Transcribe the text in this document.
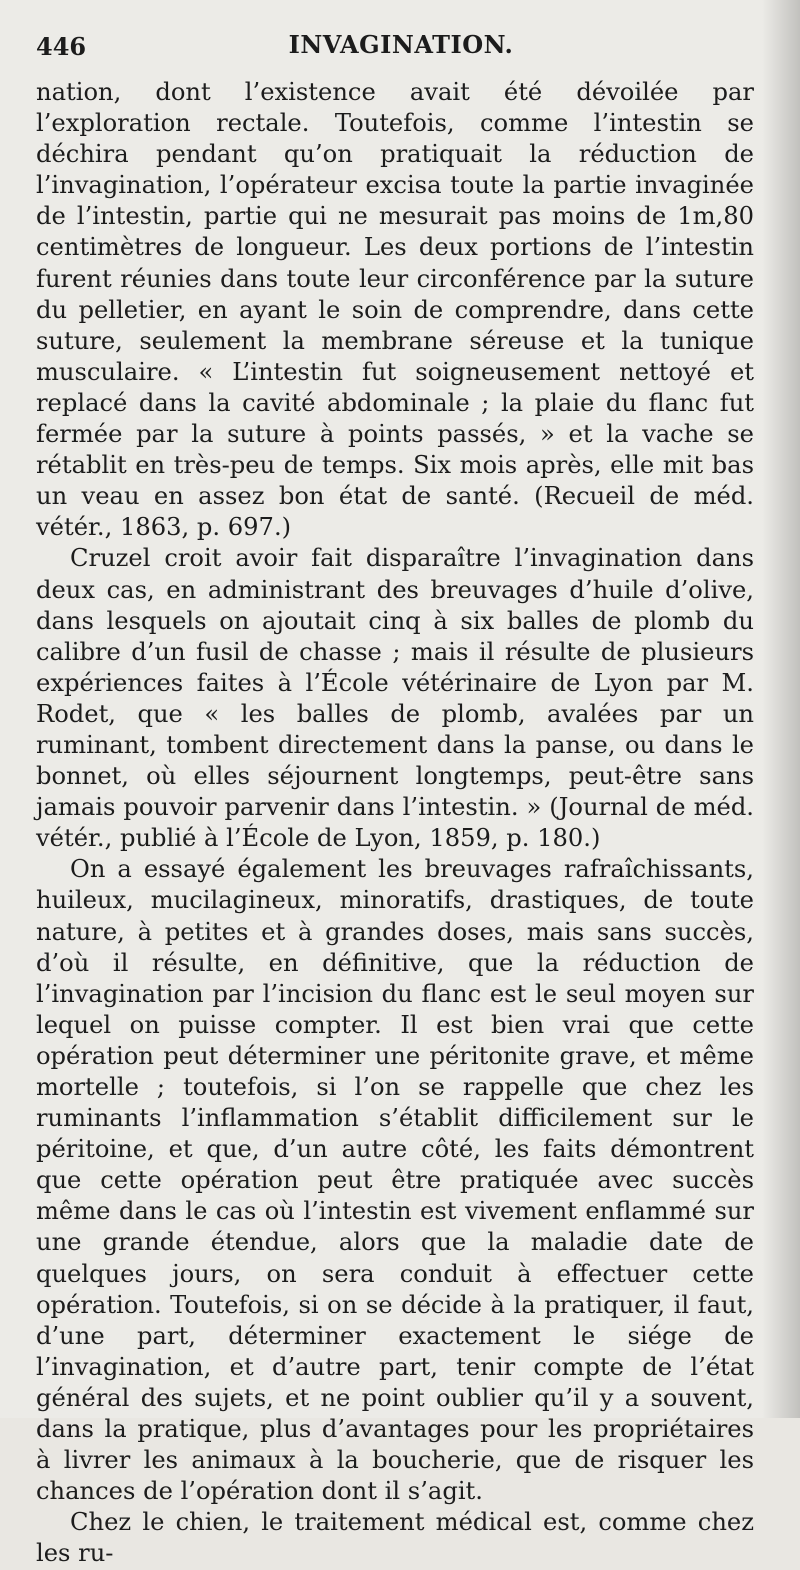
446	INVAGINATION.

nation, dont l’existence avait été dévoilée par l’exploration rectale. Toutefois, comme l’intestin se déchira pendant qu’on pratiquait la réduction de l’invagination, l’opérateur excisa toute la partie invaginée de l’intestin, partie qui ne mesurait pas moins de 1m,80 centimètres de longueur. Les deux portions de l’intestin furent réunies dans toute leur circonférence par la suture du pelletier, en ayant le soin de comprendre, dans cette suture, seulement la membrane séreuse et la tunique musculaire. « L’intestin fut soigneusement nettoyé et replacé dans la cavité abdominale ; la plaie du flanc fut fermée par la suture à points passés, » et la vache se rétablit en très-peu de temps. Six mois après, elle mit bas un veau en assez bon état de santé. (Recueil de méd. vétér., 1863, p. 697.)

Cruzel croit avoir fait disparaître l’invagination dans deux cas, en administrant des breuvages d’huile d’olive, dans lesquels on ajoutait cinq à six balles de plomb du calibre d’un fusil de chasse ; mais il résulte de plusieurs expériences faites à l’École vétérinaire de Lyon par M. Rodet, que « les balles de plomb, avalées par un ruminant, tombent directement dans la panse, ou dans le bonnet, où elles séjournent longtemps, peut-être sans jamais pouvoir parvenir dans l’intestin. » (Journal de méd. vétér., publié à l’École de Lyon, 1859, p. 180.)

On a essayé également les breuvages rafraîchissants, huileux, mucilagineux, minoratifs, drastiques, de toute nature, à petites et à grandes doses, mais sans succès, d’où il résulte, en définitive, que la réduction de l’invagination par l’incision du flanc est le seul moyen sur lequel on puisse compter. Il est bien vrai que cette opération peut déterminer une péritonite grave, et même mortelle ; toutefois, si l’on se rappelle que chez les ruminants l’inflammation s’établit difficilement sur le péritoine, et que, d’un autre côté, les faits démontrent que cette opération peut être pratiquée avec succès même dans le cas où l’intestin est vivement enflammé sur une grande étendue, alors que la maladie date de quelques jours, on sera conduit à effectuer cette opération. Toutefois, si on se décide à la pratiquer, il faut, d’une part, déterminer exactement le siége de l’invagination, et d’autre part, tenir compte de l’état général des sujets, et ne point oublier qu’il y a souvent, dans la pratique, plus d’avantages pour les propriétaires à livrer les animaux à la boucherie, que de risquer les chances de l’opération dont il s’agit.

Chez le chien, le traitement médical est, comme chez les ru-
